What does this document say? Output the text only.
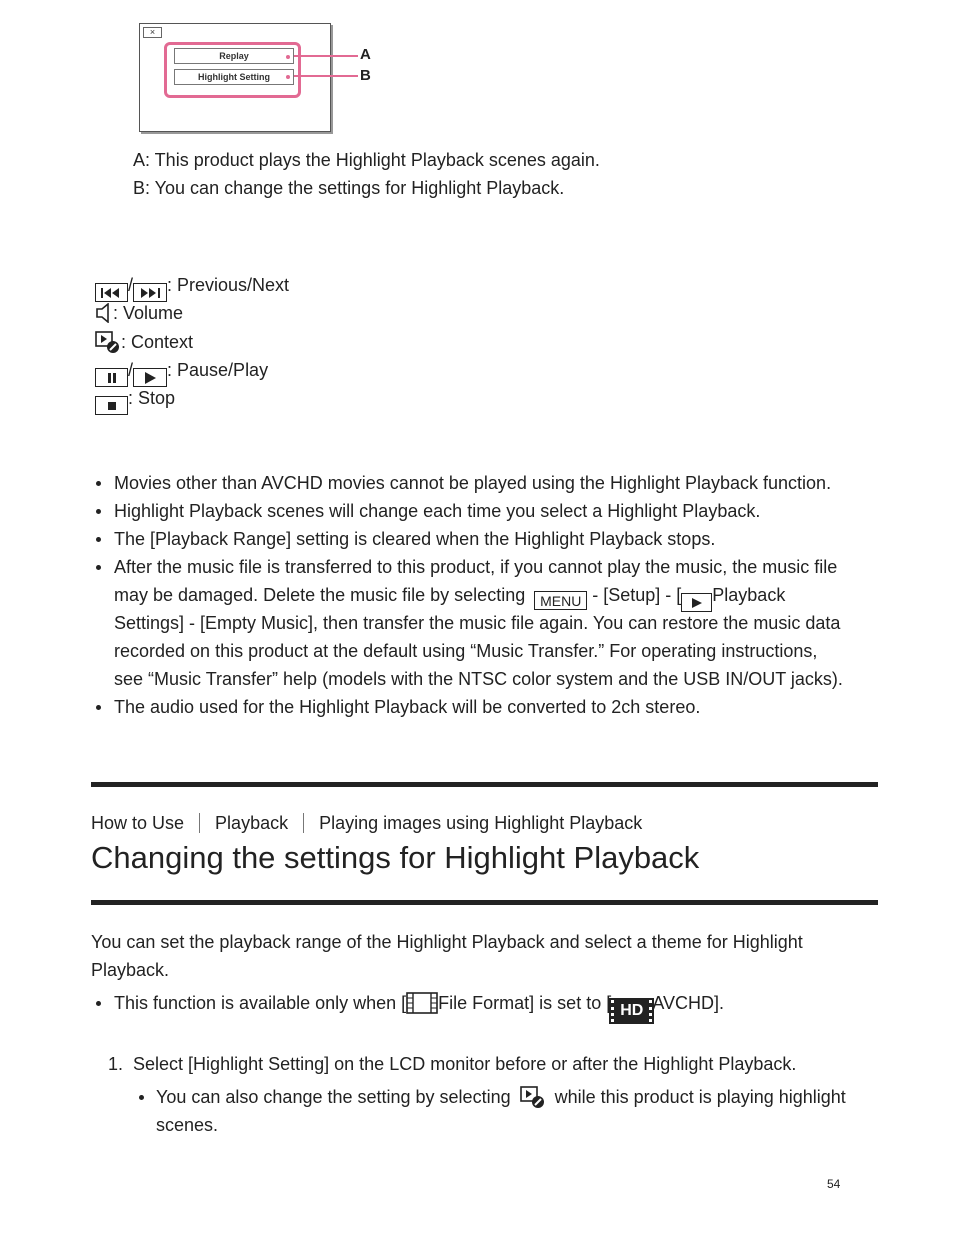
×
Replay
Highlight Setting
A
B
A: This product plays the Highlight Playback scenes again.
B: You can change the settings for Highlight Playback.
/ : Previous/Next
: Volume
: Context
/ : Pause/Play
: Stop
Movies other than AVCHD movies cannot be played using the Highlight Playback function.
Highlight Playback scenes will change each time you select a Highlight Playback.
The [Playback Range] setting is cleared when the Highlight Playback stops.
After the music file is transferred to this product, if you cannot play the music, the music file
may be damaged. Delete the music file by selecting MENU - [Setup] - [ Playback
Settings] - [Empty Music], then transfer the music file again. You can restore the music data
recorded on this product at the default using “Music Transfer.” For operating instructions,
see “Music Transfer” help (models with the NTSC color system and the USB IN/OUT jacks).
The audio used for the Highlight Playback will be converted to 2ch stereo.
How to Use Playback Playing images using Highlight Playback
Changing the settings for Highlight Playback
You can set the playback range of the Highlight Playback and select a theme for Highlight
Playback.
This function is available only when [ File Format] is set to [ HD AVCHD].
1. Select [Highlight Setting] on the LCD monitor before or after the Highlight Playback.
You can also change the setting by selecting while this product is playing highlight
scenes.
54
